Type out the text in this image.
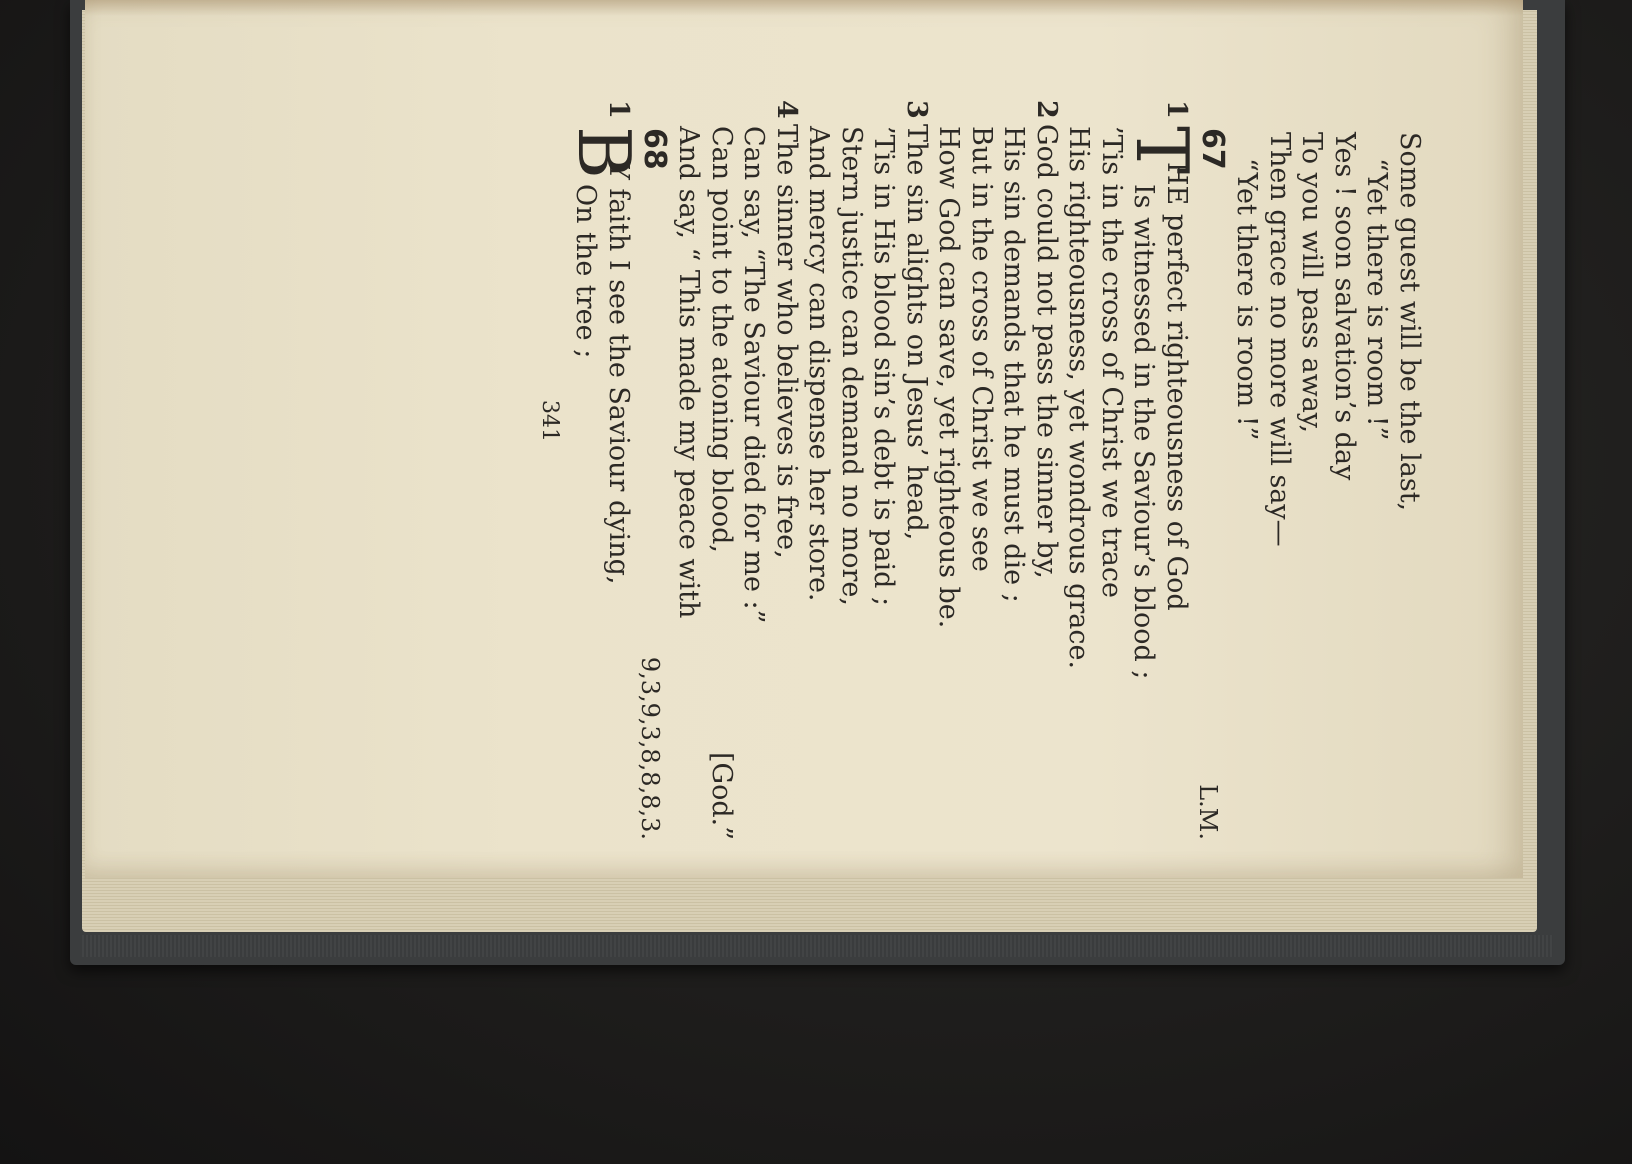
Some guest will be the last,
“Yet there is room !”
Yes ! soon salvation’s day
To you will pass away,
Then grace no more will say—
“Yet there is room !”
67
L.M.
1
T
HE perfect righteousness of God
Is witnessed in the Saviour’s blood ;
’Tis in the cross of Christ we trace
His righteousness, yet wondrous grace.
2God could not pass the sinner by,
His sin demands that he must die ;
But in the cross of Christ we see
How God can save, yet righteous be.
3The sin alights on Jesus’ head,
’Tis in His blood sin’s debt is paid ;
Stern justice can demand no more,
And mercy can dispense her store.
4The sinner who believes is free,
Can say, “The Saviour died for me :”
Can point to the atoning blood,
[God.”
And say, “ This made my peace with
68
9,3,9,3,8,8,8,3.
1
B
Y faith I see the Saviour dying,
On the tree ;
341
